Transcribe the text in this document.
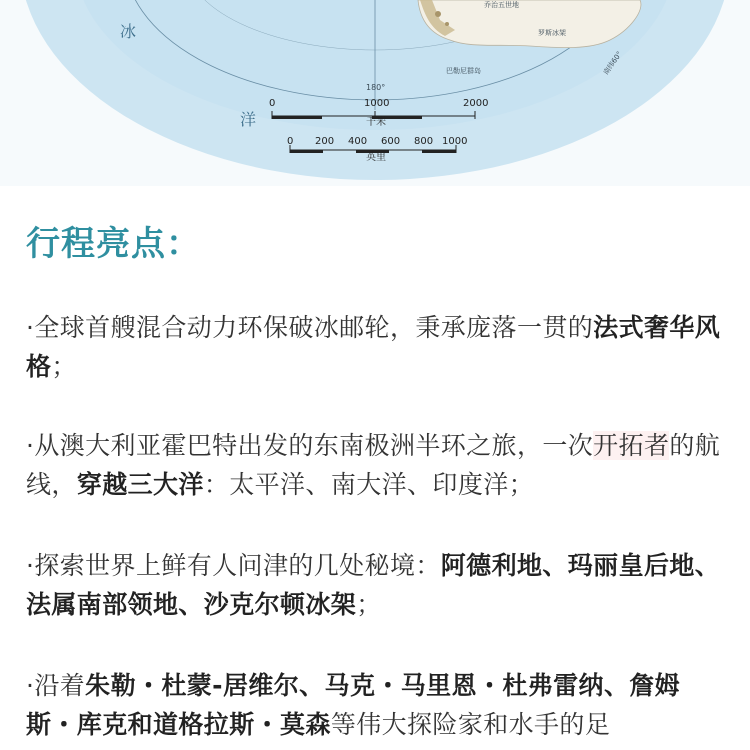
冰
洋
180°
南纬60°
乔治五世地
罗斯冰架
巴勒尼群岛
0	1000	2000
千米
0 200 400 600 800 1000
英里
行程亮点：
·全球首艘混合动力环保破冰邮轮，秉承庞落一贯的法式奢华风格；
·从澳大利亚霍巴特出发的东南极洲半环之旅，一次开拓者的航线，穿越三大洋：太平洋、南大洋、印度洋；
·探索世界上鲜有人问津的几处秘境：阿德利地、玛丽皇后地、法属南部领地、沙克尔顿冰架；
·沿着朱勒・杜蒙-居维尔、马克・马里恩・杜弗雷纳、詹姆斯・库克和道格拉斯・莫森等伟大探险家和水手的足
